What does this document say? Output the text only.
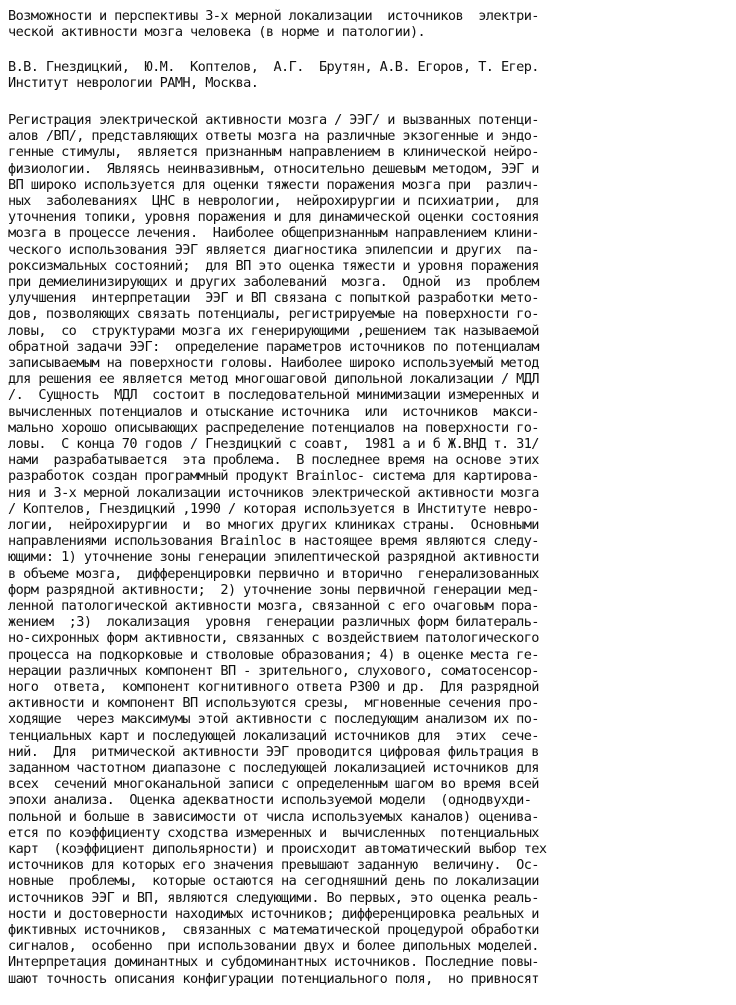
Возможности и перспективы 3-х мерной локализации  источников  электри-
ческой активности мозга человека (в норме и патологии).
В.В. Гнездицкий,  Ю.М.  Коптелов,  А.Г.  Брутян, А.В. Егоров, Т. Егер.
Институт неврологии РАМН, Москва.
Регистрация электрической активности мозга / ЭЭГ/ и вызванных потенци-
алов /ВП/, представляющих ответы мозга на различные экзогенные и эндо-
генные стимулы,  является признанным направлением в клинической нейро-
физиологии.  Являясь неинвазивным, относительно дешевым методом, ЭЭГ и
ВП широко используется для оценки тяжести поражения мозга при  различ-
ных  заболеваниях  ЦНС в неврологии,  нейрохирургии и психиатрии,  для
уточнения топики, уровня поражения и для динамической оценки состояния
мозга в процессе лечения.  Наиболее общепризнанным направлением клини-
ческого использования ЭЭГ является диагностика эпилепсии и других  па-
роксизмальных состояний;  для ВП это оценка тяжести и уровня поражения
при демиелинизирующих и других заболеваний  мозга.  Одной  из  проблем
улучшения  интерпретации  ЭЭГ и ВП связана с попыткой разработки мето-
дов, позволяющих связать потенциалы, регистрируемые на поверхности го-
ловы,  со  структурами мозга их генерирующими ,решением так называемой
обратной задачи ЭЭГ:  определение параметров источников по потенциалам
записываемым на поверхности головы. Наиболее широко используемый метод
для решения ее является метод многошаговой дипольной локализации / МДЛ
/.  Сущность  МДЛ  состоит в последовательной минимизации измеренных и
вычисленных потенциалов и отыскание источника  или  источников  макси-
мально хорошо описывающих распределение потенциалов на поверхности го-
ловы.  С конца 70 годов / Гнездицкий с соавт,  1981 а и б Ж.ВНД т. 31/
нами  разрабатывается  эта проблема.  В последнее время на основе этих
разработок создан программный продукт Brainloc- система для картирова-
ния и 3-х мерной локализации источников электрической активности мозга
/ Коптелов, Гнездицкий ,1990 / которая используется в Институте невро-
логии,  нейрохирургии  и  во многих других клиниках страны.  Основными
направлениями использования Brainloc в настоящее время являются следу-
ющими: 1) уточнение зоны генерации эпилептической разрядной активности
в объеме мозга,  дифференцировки первично и вторично  генерализованных
форм разрядной активности;  2) уточнение зоны первичной генерации мед-
ленной патологической активности мозга, связанной с его очаговым пора-
жением  ;3)  локализация  уровня  генерации различных форм билатераль-
но-сихронных форм активности, связанных с воздействием патологического
процесса на подкорковые и стволовые образования; 4) в оценке места ге-
нерации различных компонент ВП - зрительного, слухового, соматосенсор-
ного  ответа,  компонент когнитивного ответа P300 и др.  Для разрядной
активности и компонент ВП используются срезы,  мгновенные сечения про-
ходящие  через максимумы этой активности с последующим анализом их по-
тенциальных карт и последующей локализаций источников для  этих  сече-
ний.  Для  ритмической активности ЭЭГ проводится цифровая фильтрация в
заданном частотном диапазоне с последующей локализацией источников для
всех  сечений многоканальной записи с определенным шагом во время всей
эпохи анализа.  Оценка адекватности используемой модели  (однодвухди-
польной и больше в зависимости от числа используемых каналов) оценива-
ется по коэффициенту сходства измеренных и  вычисленных  потенциальных
карт  (коэффициент дипольярности) и происходит автоматический выбор тех
источников для которых его значения превышают заданную  величину.  Ос-
новные  проблемы,  которые остаются на сегодняшний день по локализации
источников ЭЭГ и ВП, являются следующими. Во первых, это оценка реаль-
ности и достоверности находимых источников; дифференцировка реальных и
фиктивных источников,  связанных с математической процедурой обработки
сигналов,  особенно  при использовании двух и более дипольных моделей.
Интерпретация доминантных и субдоминантных источников. Последние повы-
шают точность описания конфигурации потенциального поля,  но привносят
